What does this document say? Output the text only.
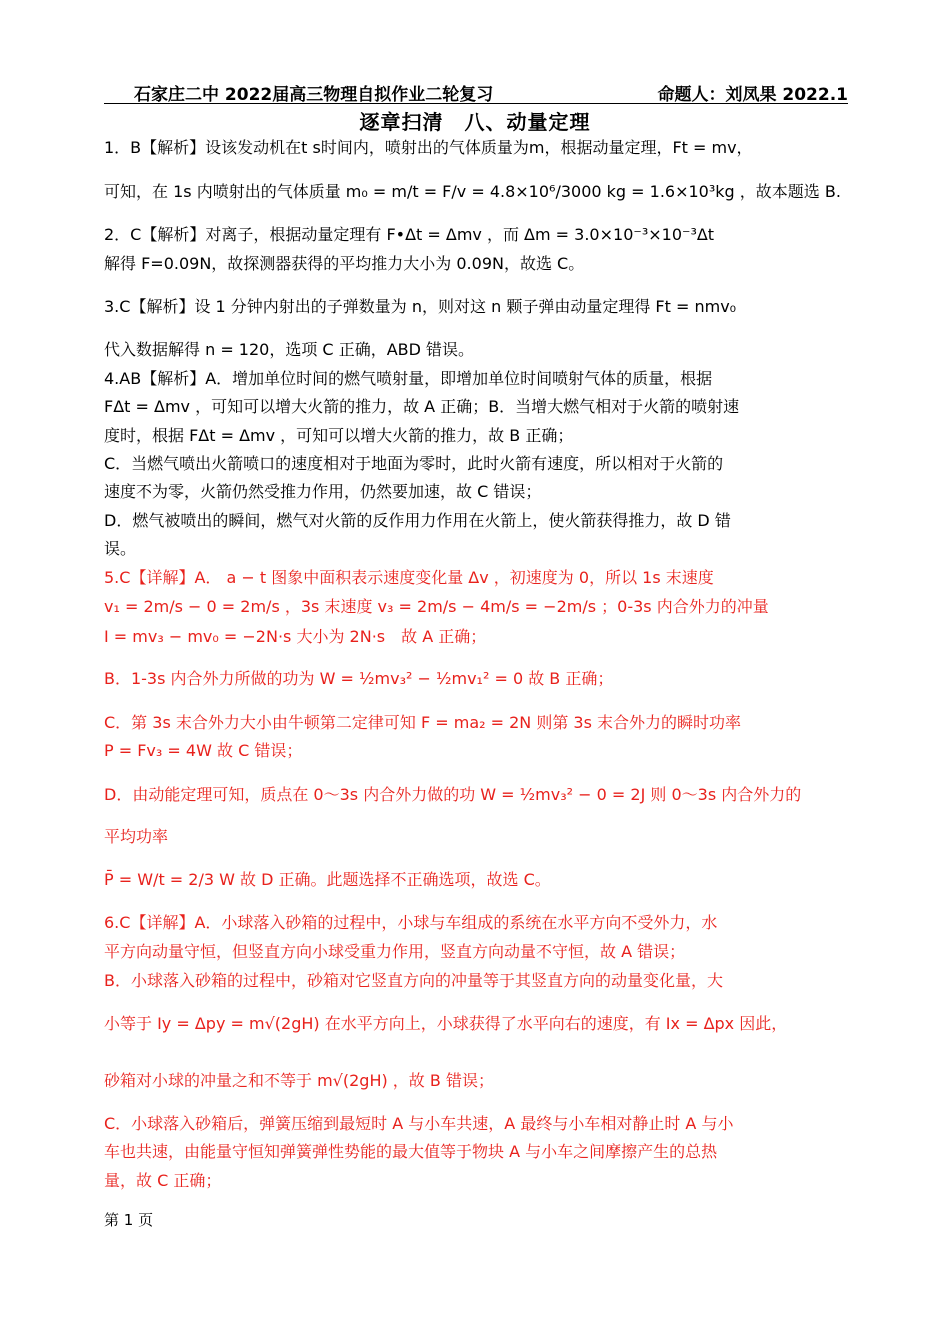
石家庄二中 2022届高三物理自拟作业二轮复习	命题人：刘凤果 2022.1
逐章扫清　八、动量定理
1．B【解析】设该发动机在t s时间内，喷射出的气体质量为m，根据动量定理，Ft = mv，
可知，在 1s 内喷射出的气体质量 m₀ = m/t = F/v = 4.8×10⁶/3000 kg = 1.6×10³kg ，故本题选 B.
2．C【解析】对离子，根据动量定理有 F•Δt = Δmv ，而 Δm = 3.0×10⁻³×10⁻³Δt
解得 F=0.09N，故探测器获得的平均推力大小为 0.09N，故选 C。
3.C【解析】设 1 分钟内射出的子弹数量为 n，则对这 n 颗子弹由动量定理得 Ft = nmv₀
代入数据解得 n = 120，选项 C 正确，ABD 错误。
4.AB【解析】A．增加单位时间的燃气喷射量，即增加单位时间喷射气体的质量，根据
FΔt = Δmv ，可知可以增大火箭的推力，故 A 正确；B．当增大燃气相对于火箭的喷射速
度时，根据 FΔt = Δmv ，可知可以增大火箭的推力，故 B 正确；
C．当燃气喷出火箭喷口的速度相对于地面为零时，此时火箭有速度，所以相对于火箭的
速度不为零，火箭仍然受推力作用，仍然要加速，故 C 错误；
D．燃气被喷出的瞬间，燃气对火箭的反作用力作用在火箭上，使火箭获得推力，故 D 错
误。
5.C【详解】A． a − t 图象中面积表示速度变化量 Δv ，初速度为 0，所以 1s 末速度
v₁ = 2m/s − 0 = 2m/s ，3s 末速度 v₃ = 2m/s − 4m/s = −2m/s ；0-3s 内合外力的冲量
I = mv₃ − mv₀ = −2N·s 大小为 2N·s　故 A 正确；
B．1-3s 内合外力所做的功为 W = ½mv₃² − ½mv₁² = 0 故 B 正确；
C．第 3s 末合外力大小由牛顿第二定律可知 F = ma₂ = 2N 则第 3s 末合外力的瞬时功率
P = Fv₃ = 4W 故 C 错误；
D．由动能定理可知，质点在 0～3s 内合外力做的功 W = ½mv₃² − 0 = 2J 则 0～3s 内合外力的
平均功率
P̄ = W/t = 2/3 W 故 D 正确。此题选择不正确选项，故选 C。
6.C【详解】A．小球落入砂箱的过程中，小球与车组成的系统在水平方向不受外力，水
平方向动量守恒，但竖直方向小球受重力作用，竖直方向动量不守恒，故 A 错误；
B．小球落入砂箱的过程中，砂箱对它竖直方向的冲量等于其竖直方向的动量变化量，大
小等于 Iy = Δpy = m√(2gH) 在水平方向上，小球获得了水平向右的速度，有 Ix = Δpx 因此，
砂箱对小球的冲量之和不等于 m√(2gH) ，故 B 错误；
C．小球落入砂箱后，弹簧压缩到最短时 A 与小车共速，A 最终与小车相对静止时 A 与小
车也共速，由能量守恒知弹簧弹性势能的最大值等于物块 A 与小车之间摩擦产生的总热
量，故 C 正确；
第 1 页
